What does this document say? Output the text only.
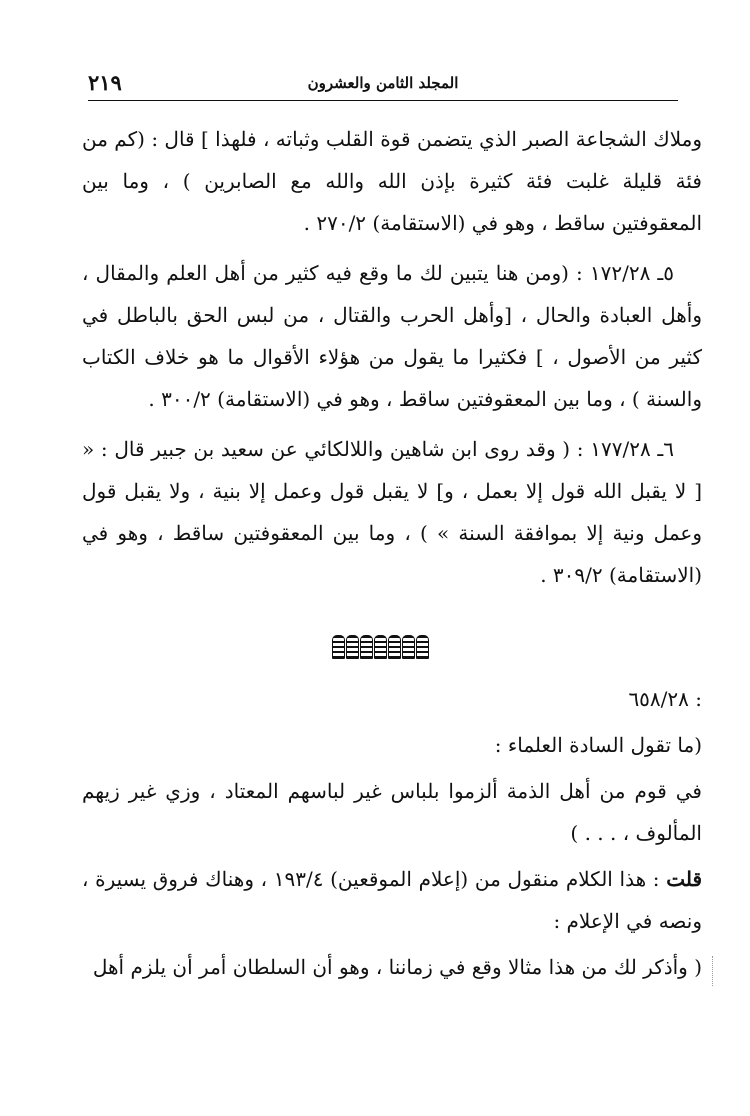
المجلد الثامن والعشرون
٢١٩

وملاك الشجاعة الصبر الذي يتضمن قوة القلب وثباته ، فلهذا ] قال : (كم من فئة قليلة غلبت فئة كثيرة بإذن الله والله مع الصابرين ) ، وما بين المعقوفتين ساقط ، وهو في (الاستقامة) ٢٧٠/٢ .

٥ـ ١٧٢/٢٨ : (ومن هنا يتبين لك ما وقع فيه كثير من أهل العلم والمقال ، وأهل العبادة والحال ، [وأهل الحرب والقتال ، من لبس الحق بالباطل في كثير من الأصول ، ] فكثيرا ما يقول من هؤلاء الأقوال ما هو خلاف الكتاب والسنة ) ، وما بين المعقوفتين ساقط ، وهو في (الاستقامة) ٣٠٠/٢ .

٦ـ ١٧٧/٢٨ : ( وقد روى ابن شاهين واللالكائي عن سعيد بن جبير قال : « [ لا يقبل الله قول إلا بعمل ، و] لا يقبل قول وعمل إلا بنية ، ولا يقبل قول وعمل ونية إلا بموافقة السنة » ) ، وما بين المعقوفتين ساقط ، وهو في (الاستقامة) ٣٠٩/٢ .

: ٦٥٨/٢٨

(ما تقول السادة العلماء :

في قوم من أهل الذمة ألزموا بلباس غير لباسهم المعتاد ، وزي غير زيهم المألوف ، . . . )

قلت : هذا الكلام منقول من (إعلام الموقعين) ١٩٣/٤ ، وهناك فروق يسيرة ، ونصه في الإعلام :

( وأذكر لك من هذا مثالا وقع في زماننا ، وهو أن السلطان أمر أن يلزم أهل
